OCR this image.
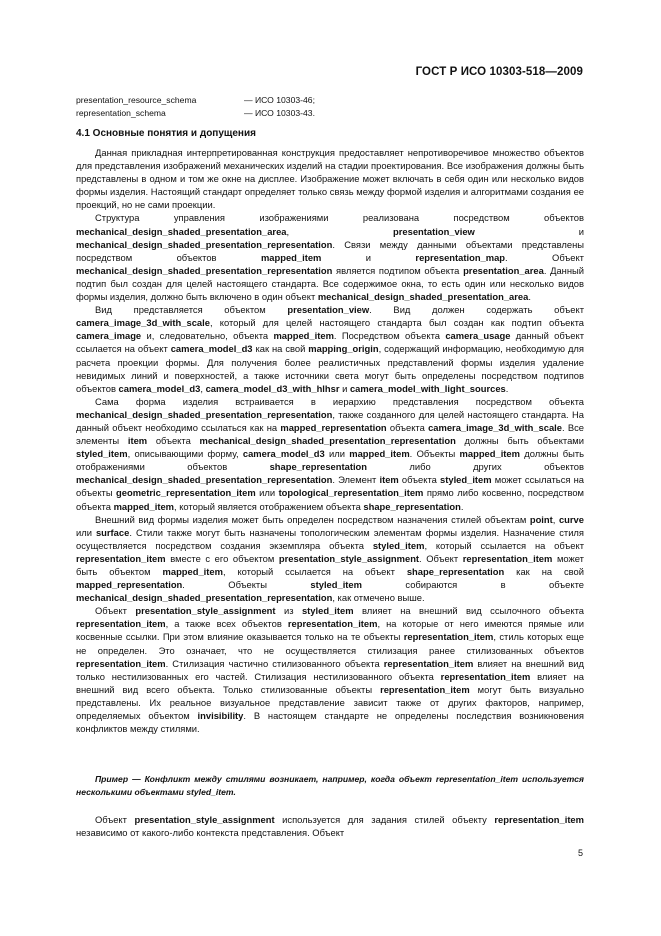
ГОСТ Р ИСО 10303-518—2009
presentation_resource_schema	— ИСО 10303-46;
representation_schema	— ИСО 10303-43.
4.1 Основные понятия и допущения

Данная прикладная интерпретированная конструкция предоставляет непротиворечивое множество объектов для представления изображений механических изделий на стадии проектирования. Все изображения должны быть представлены в одном и том же окне на дисплее. Изображение может включать в себя один или несколько видов формы изделия. Настоящий стандарт определяет только связь между формой изделия и алгоритмами создания ее проекций, но не сами проекции.

Структура управления изображениями реализована посредством объектов mechanical_design_shaded_presentation_area, presentation_view и mechanical_design_shaded_presentation_representation. Связи между данными объектами представлены посредством объектов mapped_item и representation_map. Объект mechanical_design_shaded_presentation_representation является подтипом объекта presentation_area. Данный подтип был создан для целей настоящего стандарта. Все содержимое окна, то есть один или несколько видов формы изделия, должно быть включено в один объект mechanical_design_shaded_presentation_area.

Вид представляется объектом presentation_view. Вид должен содержать объект camera_image_3d_with_scale, который для целей настоящего стандарта был создан как подтип объекта camera_image и, следовательно, объекта mapped_item. Посредством объекта camera_usage данный объект ссылается на объект camera_model_d3 как на свой mapping_origin, содержащий информацию, необходимую для расчета проекции формы. Для получения более реалистичных представлений формы изделия удаление невидимых линий и поверхностей, а также источники света могут быть определены посредством подтипов объектов camera_model_d3, camera_model_d3_with_hlhsr и camera_model_with_light_sources.

Сама форма изделия встраивается в иерархию представления посредством объекта mechanical_design_shaded_presentation_representation, также созданного для целей настоящего стандарта. На данный объект необходимо ссылаться как на mapped_representation объекта camera_image_3d_with_scale. Все элементы item объекта mechanical_design_shaded_presentation_representation должны быть объектами styled_item, описывающими форму, camera_model_d3 или mapped_item. Объекты mapped_item должны быть отображениями объектов shape_representation либо других объектов mechanical_design_shaded_presentation_representation. Элемент item объекта styled_item может ссылаться на объекты geometric_representation_item или topological_representation_item прямо либо косвенно, посредством объекта mapped_item, который является отображением объекта shape_representation.

Внешний вид формы изделия может быть определен посредством назначения стилей объектам point, curve или surface. Стили также могут быть назначены топологическим элементам формы изделия. Назначение стиля осуществляется посредством создания экземпляра объекта styled_item, который ссылается на объект representation_item вместе с его объектом presentation_style_assignment. Объект representation_item может быть объектом mapped_item, который ссылается на объект shape_representation как на свой mapped_representation. Объекты styled_item собираются в объекте mechanical_design_shaded_presentation_representation, как отмечено выше.

Объект presentation_style_assignment из styled_item влияет на внешний вид ссылочного объекта representation_item, а также всех объектов representation_item, на которые от него имеются прямые или косвенные ссылки. При этом влияние оказывается только на те объекты representation_item, стиль которых еще не определен. Это означает, что не осуществляется стилизация ранее стилизованных объектов representation_item. Стилизация частично стилизованного объекта representation_item влияет на внешний вид только нестилизованных его частей. Стилизация нестилизованного объекта representation_item влияет на внешний вид всего объекта. Только стилизованные объекты representation_item могут быть визуально представлены. Их реальное визуальное представление зависит также от других факторов, например, определяемых объектом invisibility. В настоящем стандарте не определены последствия возникновения конфликтов между стилями.

Пример — Конфликт между стилями возникает, например, когда объект representation_item используется несколькими объектами styled_item.

Объект presentation_style_assignment используется для задания стилей объекту representation_item независимо от какого-либо контекста представления. Объект

5
